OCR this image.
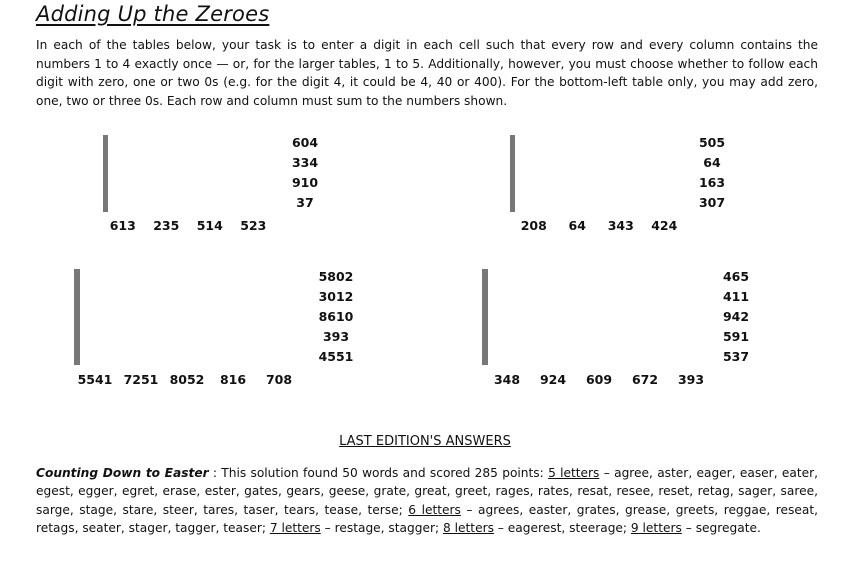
Adding Up the Zeroes

In each of the tables below, your task is to enter a digit in each cell such that every row and every column contains the numbers 1 to 4 exactly once — or, for the larger tables, 1 to 5. Additionally, however, you must choose whether to follow each digit with zero, one or two 0s (e.g. for the digit 4, it could be 4, 40 or 400). For the bottom-left table only, you may add zero, one, two or three 0s. Each row and column must sum to the numbers shown.

604
334
910
37
613	235	514	523

505
64
163
307
208	64	343	424

5802
3012
8610
393
4551
5541 7251 8052	816	708

465
411
942
591
537
348	924	609	672	393
LAST EDITION'S ANSWERS

Counting Down to Easter : This solution found 50 words and scored 285 points: 5 letters – agree, aster, eager, easer, eater, egest, egger, egret, erase, ester, gates, gears, geese, grate, great, greet, rages, rates, resat, resee, reset, retag, sager, saree, sarge, stage, stare, steer, tares, taser, tears, tease, terse; 6 letters – agrees, easter, grates, grease, greets, reggae, reseat, retags, seater, stager, tagger, teaser; 7 letters – restage, stagger; 8 letters – eagerest, steerage; 9 letters – segregate.
